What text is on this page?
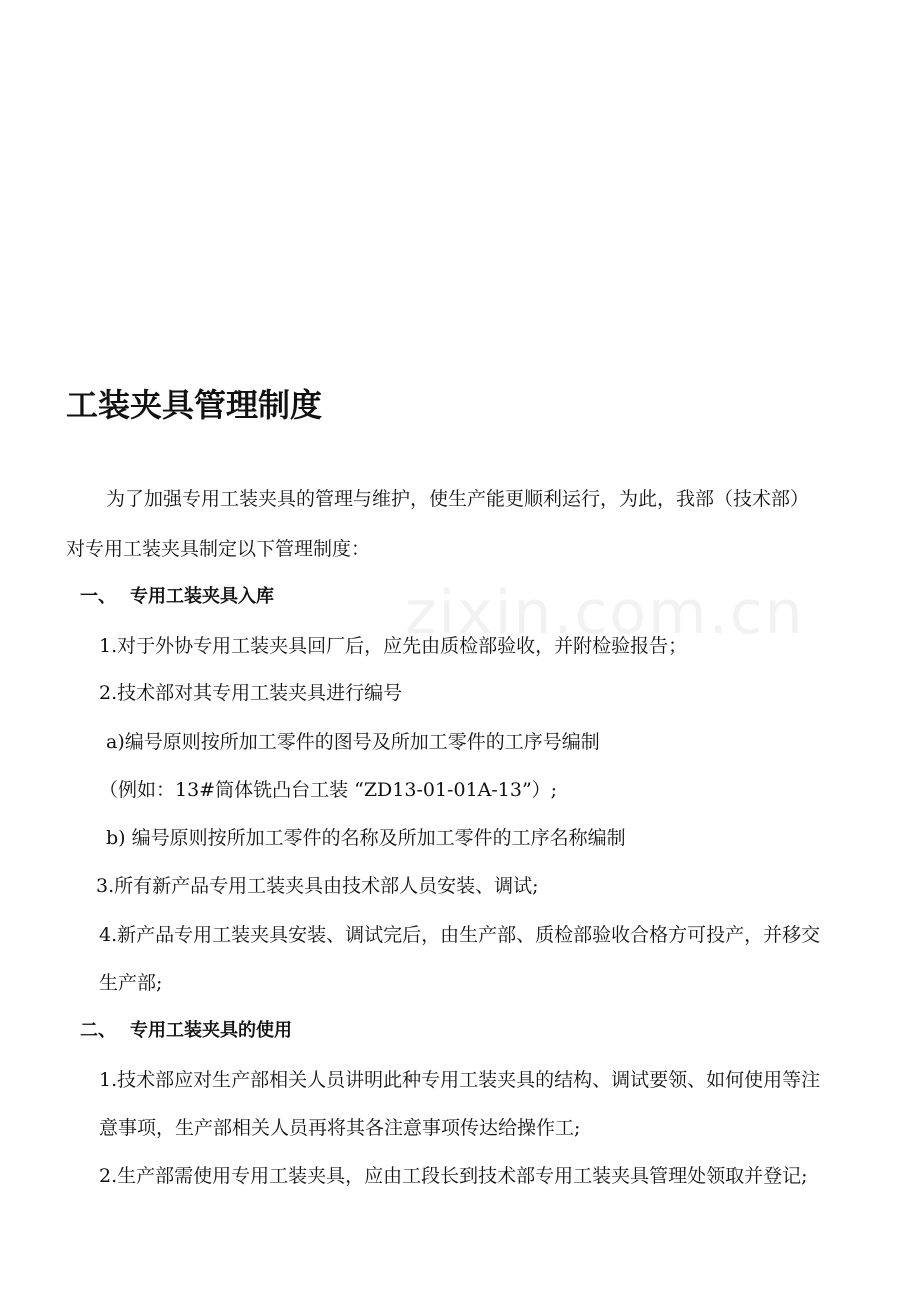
工装夹具管理制度
为了加强专用工装夹具的管理与维护，使生产能更顺利运行，为此，我部（技术部）
对专用工装夹具制定以下管理制度：
一、 专用工装夹具入库
1.对于外协专用工装夹具回厂后，应先由质检部验收，并附检验报告；
2.技术部对其专用工装夹具进行编号
a)编号原则按所加工零件的图号及所加工零件的工序号编制
（例如：13#筒体铣凸台工装 “ZD13-01-01A-13”）;
b) 编号原则按所加工零件的名称及所加工零件的工序名称编制
3.所有新产品专用工装夹具由技术部人员安装、调试;
4.新产品专用工装夹具安装、调试完后，由生产部、质检部验收合格方可投产，并移交
生产部;
二、 专用工装夹具的使用
1.技术部应对生产部相关人员讲明此种专用工装夹具的结构、调试要领、如何使用等注
意事项，生产部相关人员再将其各注意事项传达给操作工;
2.生产部需使用专用工装夹具，应由工段长到技术部专用工装夹具管理处领取并登记;
zixin.com.cn
